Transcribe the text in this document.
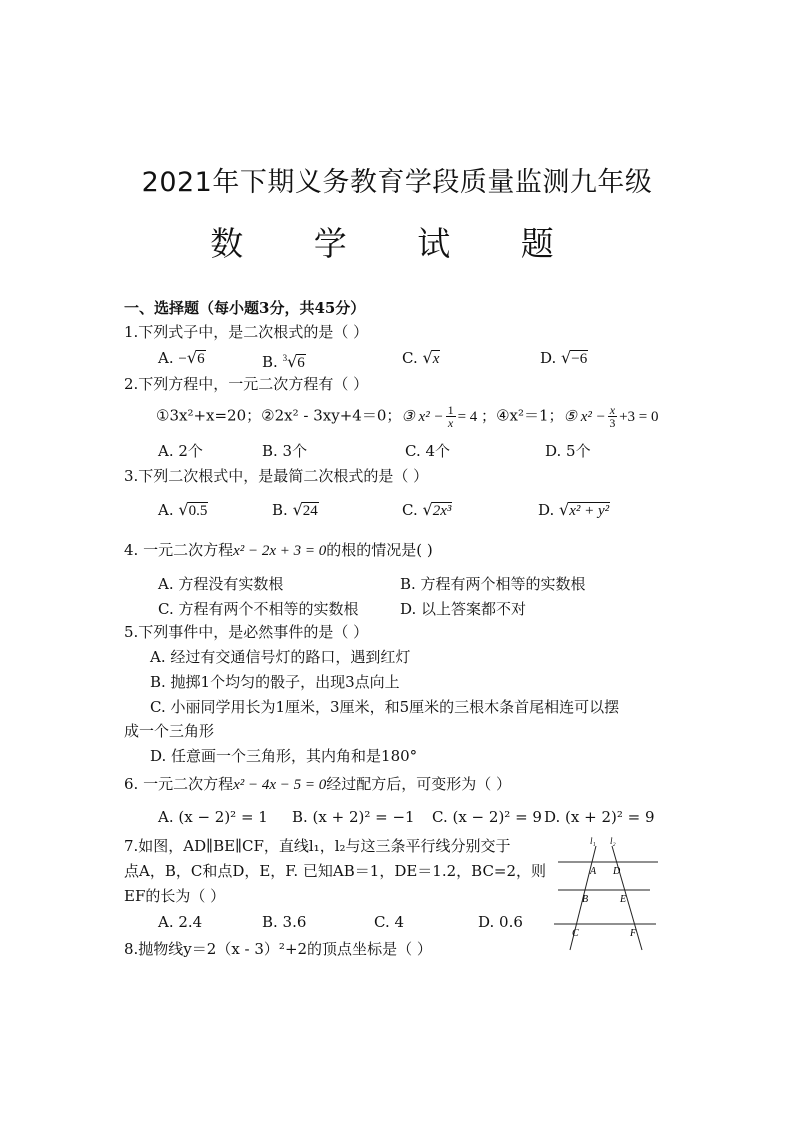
2021年下期义务教育学段质量监测九年级
数 学 试 题
一、选择题（每小题3分，共45分）
1.下列式子中，是二次根式的是（ ）
A. −√6	B. $^3$√6	C. √x	D. √−6
2.下列方程中，一元二次方程有（ ）
①3x²+x=20；②2x² - 3xy+4＝0；③ $x^2 - \frac{1}{x} = 4$ ；④x²＝1；⑤ $x^2 - \frac{x}{3} +3 = 0$
A. 2个	B. 3个	C. 4个	D. 5个
3.下列二次根式中，是最简二次根式的是（ ）
A. √0.5	B. √24	C. √2x³	D. √x² + y²
4. 一元二次方程x² − 2x + 3 = 0的根的情况是( )
A. 方程没有实数根	B. 方程有两个相等的实数根
C. 方程有两个不相等的实数根	D. 以上答案都不对
5.下列事件中，是必然事件的是（ ）
A. 经过有交通信号灯的路口，遇到红灯
B. 抛掷1个均匀的骰子，出现3点向上
C. 小丽同学用长为1厘米，3厘米，和5厘米的三根木条首尾相连可以摆
成一个三角形
D. 任意画一个三角形，其内角和是180°
6. 一元二次方程x² − 4x − 5 = 0经过配方后，可变形为（ ）
A. (x − 2)² = 1 B. (x + 2)² = −1 C. (x − 2)² = 9 D. (x + 2)² = 9
7.如图，AD∥BE∥CF，直线l₁，l₂与这三条平行线分别交于
点A，B，C和点D，E，F. 已知AB＝1，DE＝1.2，BC=2，则
EF的长为（ ）
A. 2.4	B. 3.6	C. 4	D. 0.6
l₁ l₂
A D
B	E
C	F
8.抛物线y＝2（x - 3）²+2的顶点坐标是（ ）
